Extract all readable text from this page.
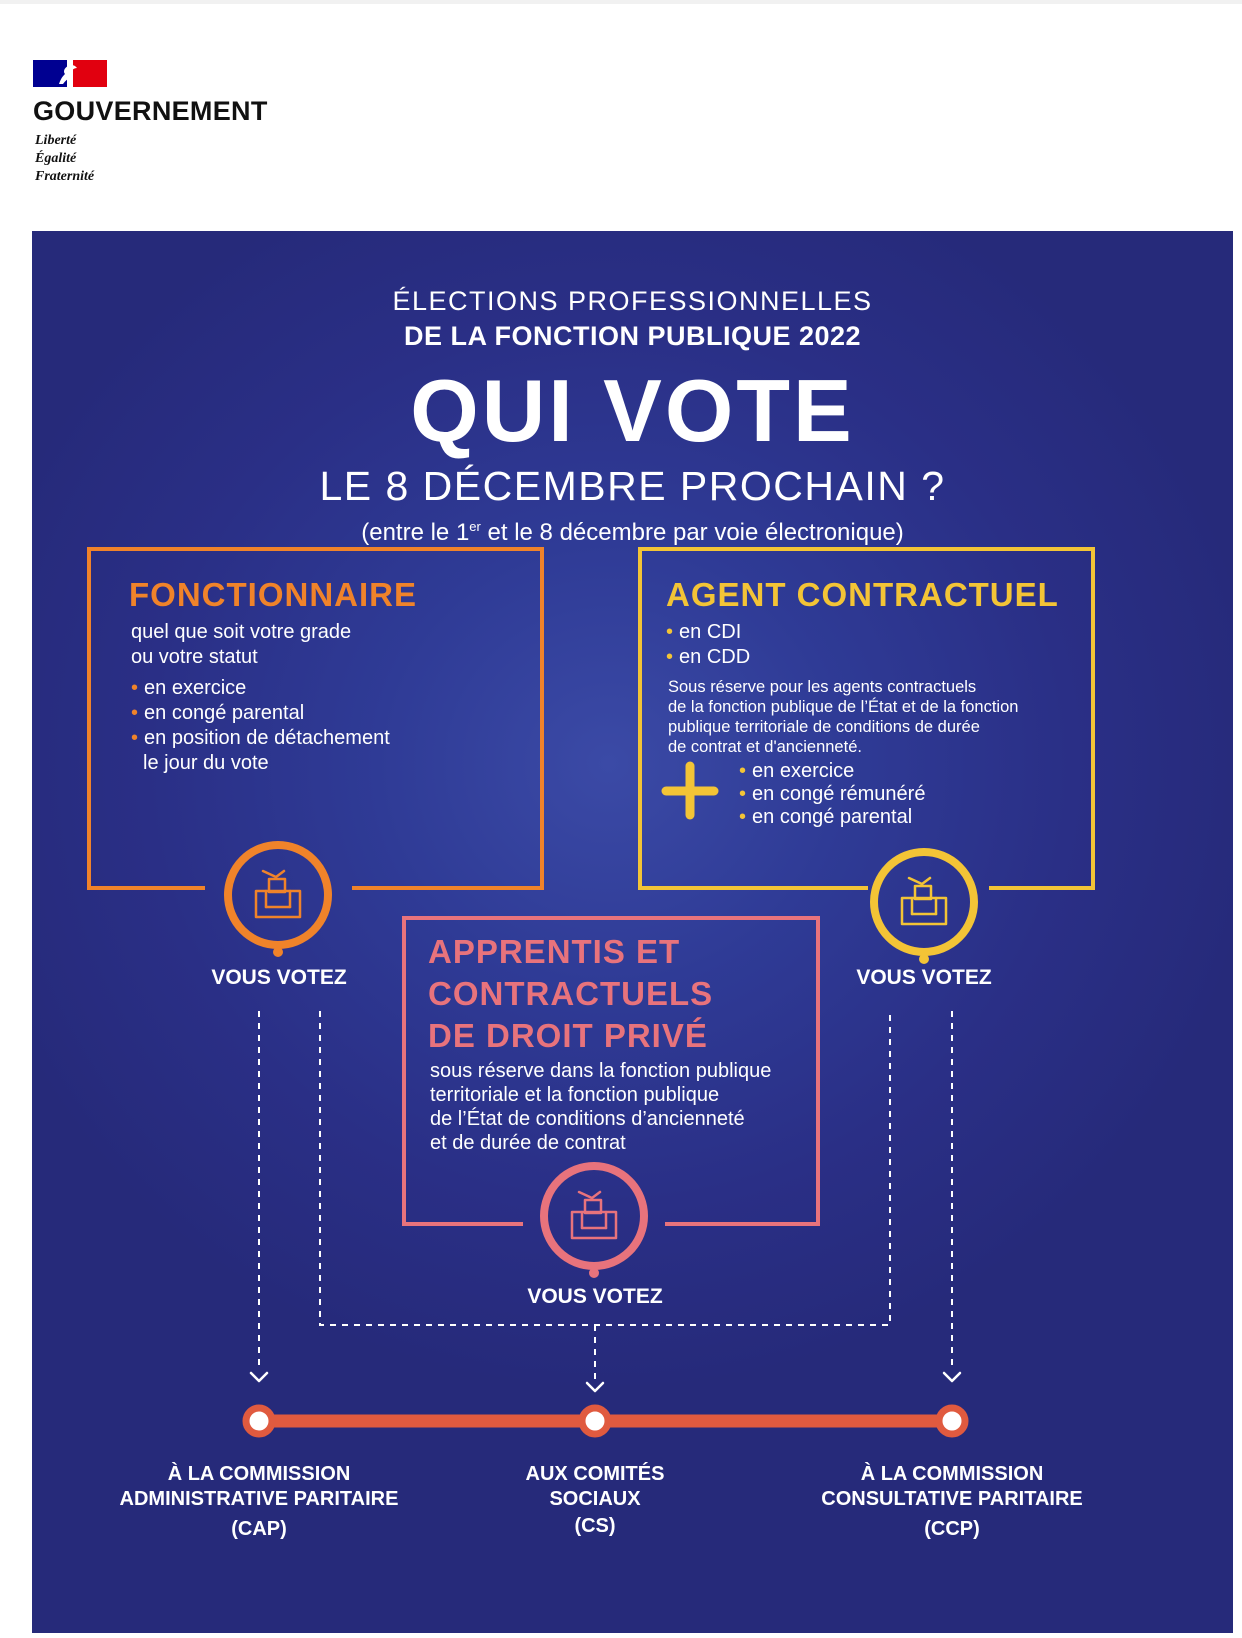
GOUVERNEMENT
Liberté
Égalité
Fraternité
ÉLECTIONS PROFESSIONNELLES
DE LA FONCTION PUBLIQUE 2022
QUI VOTE
LE 8 DÉCEMBRE PROCHAIN ?
(entre le 1er et le 8 décembre par voie électronique)
FONCTIONNAIRE
quel que soit votre grade
ou votre statut
• en exercice
• en congé parental
• en position de détachement
le jour du vote
VOUS VOTEZ
AGENT CONTRACTUEL
• en CDI
• en CDD
Sous réserve pour les agents contractuels
de la fonction publique de l’État et de la fonction
publique territoriale de conditions de durée
de contrat et d'ancienneté.
• en exercice
• en congé rémunéré
• en congé parental
VOUS VOTEZ
APPRENTIS ET
CONTRACTUELS
DE DROIT PRIVÉ
sous réserve dans la fonction publique
territoriale et la fonction publique
de l’État de conditions d’ancienneté
et de durée de contrat
VOUS VOTEZ
À LA COMMISSION
ADMINISTRATIVE PARITAIRE
(CAP)
AUX COMITÉS
SOCIAUX
(CS)
À LA COMMISSION
CONSULTATIVE PARITAIRE
(CCP)
